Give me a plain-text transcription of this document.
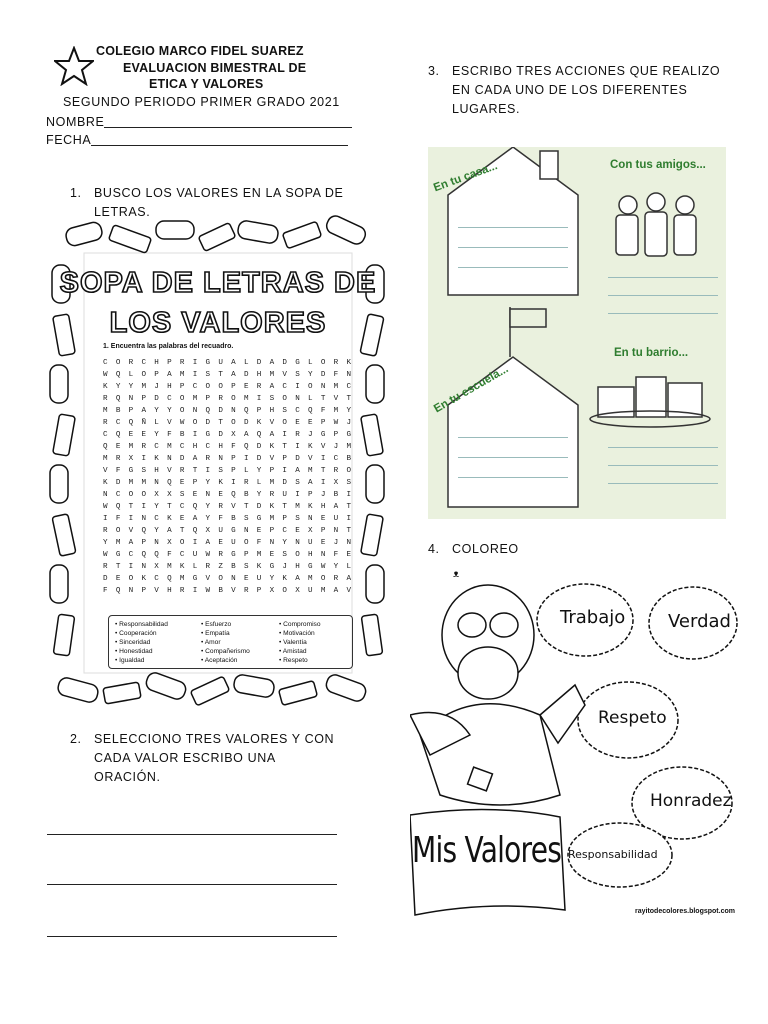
COLEGIO MARCO FIDEL SUAREZ
EVALUACION BIMESTRAL DE
ETICA Y VALORES
SEGUNDO PERIODO PRIMER GRADO 2021
NOMBRE
FECHA
1. BUSCO LOS VALORES EN LA SOPA DE
LETRAS.
SOPA DE LETRAS DE
LOS VALORES
1. Encuentra las palabras del recuadro.
C O R C H P R I G U A L D A D G L O R K
W Q L O P A M I S T A D H M V S Y D F N
K Y Y M J H P C O O P E R A C I O N M C
R Q N P D C O M P R O M I S O N L T V T
M B P A Y Y O N Q D N Q P H S C Q F M Y
R C Q Ñ L V W O D T O D K V O E E P W J
C Q E E Y F B I G D X A Q A I R J G P G
Q E M R C M C H C H F Q D K T I K V J M
M R X I K N D A R N P I D V P D V I C B
V F G S H V R T I S P L Y P I A M T R O
K D M M N Q E P Y K I R L M D S A I X S
N C O O X X S E N E Q B Y R U I P J B I
W Q T I Y T C Q Y R V T D K T M K H A T
I F I N C K E A Y F B S G M P S N E U I
R O V Q Y A T Q X U G N E P C E X P N T
Y M A P N X O I A E U O F N Y N U E J N
W G C Q Q F C U W R G P M E S O H N F E
R T I N X M K L R Z B S K G J H G W Y L
D E O K C Q M G V O N E U Y K A M O R A
F Q N P V H R I W B V R P X O X U M A V
• Responsabilidad
• Cooperación
• Sinceridad
• Honestidad
• Igualdad
• Esfuerzo
• Empatía
• Amor
• Compañerismo
• Aceptación
• Compromiso
• Motivación
• Valentía
• Amistad
• Respeto
2. SELECCIONO TRES VALORES Y CON
CADA VALOR ESCRIBO UNA
ORACIÓN.
3. ESCRIBO TRES ACCIONES QUE REALIZO
EN CADA UNO DE LOS DIFERENTES
LUGARES.
En tu casa...	Con tus amigos...
En tu escuela...
En tu barrio...
4. COLOREO
ᴥ
Trabajo Verdad
Respeto
Honradez
Responsabilidad
Mis Valores
rayitodecolores.blogspot.com
